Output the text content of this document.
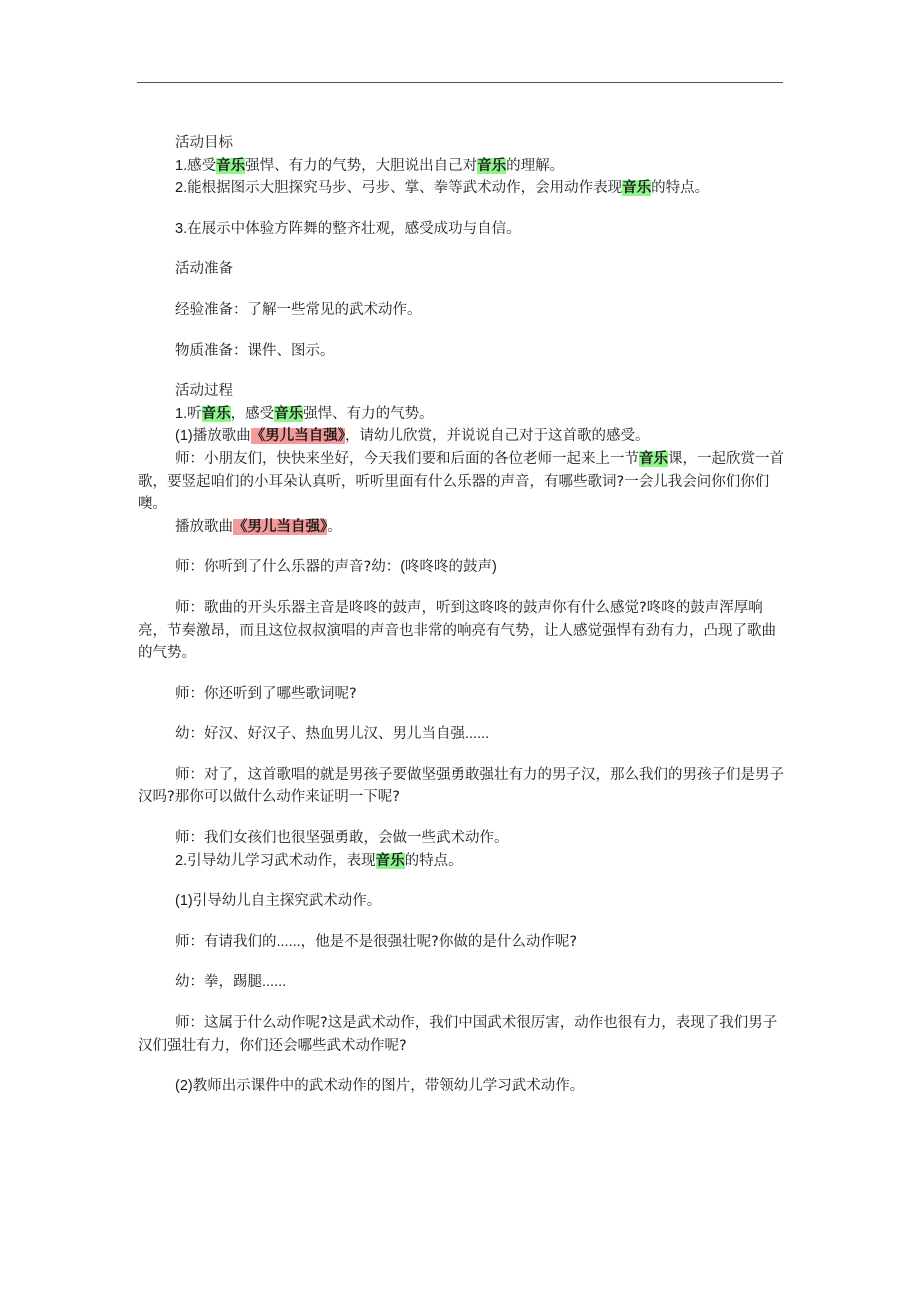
活动目标

1.感受音乐强悍、有力的气势，大胆说出自己对音乐的理解。

2.能根据图示大胆探究马步、弓步、掌、拳等武术动作，会用动作表现音乐的特点。

3.在展示中体验方阵舞的整齐壮观，感受成功与自信。

活动准备

经验准备：了解一些常见的武术动作。

物质准备：课件、图示。

活动过程

1.听音乐，感受音乐强悍、有力的气势。

(1)播放歌曲《男儿当自强》，请幼儿欣赏，并说说自己对于这首歌的感受。

师：小朋友们，快快来坐好，今天我们要和后面的各位老师一起来上一节音乐课，一起欣赏一首歌，要竖起咱们的小耳朵认真听，听听里面有什么乐器的声音，有哪些歌词?一会儿我会问你们你们噢。

播放歌曲《男儿当自强》。

师：你听到了什么乐器的声音?幼：(咚咚咚的鼓声)

师：歌曲的开头乐器主音是咚咚的鼓声，听到这咚咚的鼓声你有什么感觉?咚咚的鼓声浑厚响亮，节奏激昂，而且这位叔叔演唱的声音也非常的响亮有气势，让人感觉强悍有劲有力，凸现了歌曲的气势。

师：你还听到了哪些歌词呢?

幼：好汉、好汉子、热血男儿汉、男儿当自强......

师：对了，这首歌唱的就是男孩子要做坚强勇敢强壮有力的男子汉，那么我们的男孩子们是男子汉吗?那你可以做什么动作来证明一下呢?

师：我们女孩们也很坚强勇敢，会做一些武术动作。

2.引导幼儿学习武术动作，表现音乐的特点。

(1)引导幼儿自主探究武术动作。

师：有请我们的......，他是不是很强壮呢?你做的是什么动作呢?

幼：拳，踢腿......

师：这属于什么动作呢?这是武术动作，我们中国武术很厉害，动作也很有力，表现了我们男子汉们强壮有力，你们还会哪些武术动作呢?

(2)教师出示课件中的武术动作的图片，带领幼儿学习武术动作。
